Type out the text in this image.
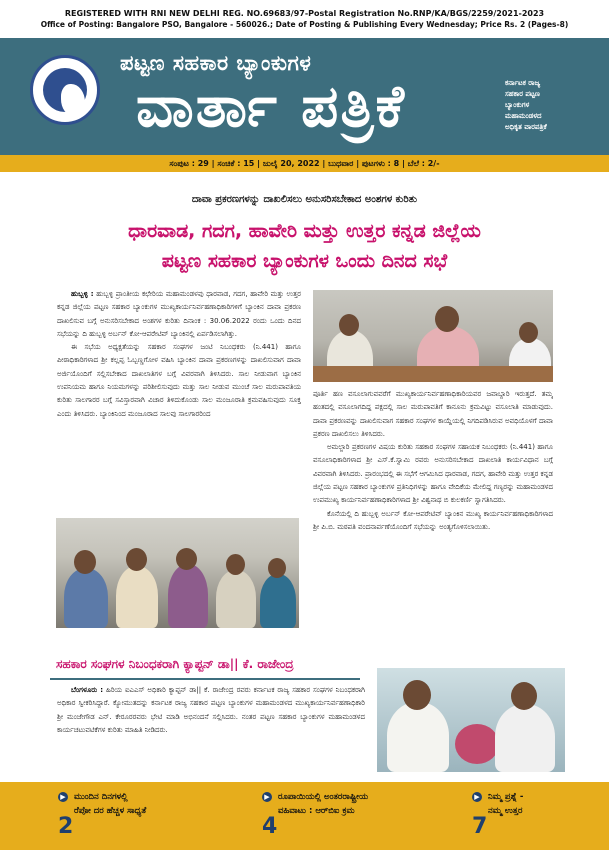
REGISTERED WITH RNI NEW DELHI REG. NO.69683/97-Postal Registration No.RNP/KA/BGS/2259/2021-2023
Office of Posting: Bangalore PSO, Bangalore - 560026.; Date of Posting & Publishing Every Wednesday; Price Rs. 2 (Pages-8)
ಪಟ್ಟಣ ಸಹಕಾರ ಬ್ಯಾಂಕುಗಳ
ವಾರ್ತಾ ಪತ್ರಿಕೆ	ಕರ್ನಾಟಕ ರಾಜ್ಯ
ಸಹಕಾರ ಪಟ್ಟಣ
ಬ್ಯಾಂಕುಗಳ
ಮಹಾಮಂಡಳದ
ಅಧಿಕೃತ ವಾರಪತ್ರಿಕೆ
ಸಂಪುಟ : 29 | ಸಂಚಿಕೆ : 15 | ಜುಲೈ 20, 2022 | ಬುಧವಾರ | ಪುಟಗಳು : 8 | ಬೆಲೆ : 2/-
ದಾವಾ ಪ್ರಕರಣಗಳನ್ನು ದಾಖಲಿಸಲು ಅನುಸರಿಸಬೇಕಾದ ಅಂಶಗಳ ಕುರಿತು
ಧಾರವಾಡ, ಗದಗ, ಹಾವೇರಿ ಮತ್ತು ಉತ್ತರ ಕನ್ನಡ ಜಿಲ್ಲೆಯ
ಪಟ್ಟಣ ಸಹಕಾರ ಬ್ಯಾಂಕುಗಳ ಒಂದು ದಿನದ ಸಭೆ

ಹುಬ್ಬಳ್ಳಿ : ಹುಬ್ಬಳ್ಳಿ ಪ್ರಾಂತೀಯ ಕಛೇರಿಯ ಮಹಾಮಂಡಳವು ಧಾರವಾಡ, ಗದಗ, ಹಾವೇರಿ ಮತ್ತು ಉತ್ತರ ಕನ್ನಡ ಜಿಲ್ಲೆಯ ಪಟ್ಟಣ ಸಹಕಾರ ಬ್ಯಾಂಕುಗಳ ಮುಖ್ಯಕಾರ್ಯನಿರ್ವಹಣಾಧಿಕಾರಿಗಳಿಗೆ ಬ್ಯಾಂಕಿನ ದಾವಾ ಪ್ರಕರಣ ದಾಖಲಿಸುವ ಬಗ್ಗೆ ಅನುಸರಿಸಬೇಕಾದ ಅಂಶಗಳ ಕುರಿತು ದಿನಾಂಕ : 30.06.2022 ರಂದು ಒಂದು ದಿನದ ಸಭೆಯನ್ನು ದಿ ಹುಬ್ಬಳ್ಳಿ ಅರ್ಬನ್ ಕೋ-ಆಪರೇಟಿವ್ ಬ್ಯಾಂಕಿನಲ್ಲಿ ಏರ್ಪಡಿಸಲಾಗಿತ್ತು.

ಈ ಸಭೆಯ ಅಧ್ಯಕ್ಷತೆಯನ್ನು ಸಹಕಾರ ಸಂಘಗಳ ಜಂಟಿ ನಿಬಂಧಕರು (ನಿ.441) ಹಾಗೂ ಪೀಠಾಧಿಕಾರಿಗಳಾದ ಶ್ರೀ ಕಲ್ಲಪ್ಪ ಓಬ್ಬಣ್ಣಗೋಳ ವಹಿಸಿ ಬ್ಯಾಂಕಿನ ದಾವಾ ಪ್ರಕರಣಗಳನ್ನು ದಾಖಲಿಸುವಾಗ ದಾವಾ ಅರ್ಜಿಯೊಂದಿಗೆ ಸಲ್ಲಿಸಬೇಕಾದ ದಾಖಲಾತಿಗಳ ಬಗ್ಗೆ ವಿವರವಾಗಿ ತಿಳಿಸಿದರು. ಸಾಲ ನೀಡುವಾಗ ಬ್ಯಾಂಕಿನ ಉಪನಿಯಮ ಹಾಗೂ ನಿಯಮಗಳನ್ನು ಪರಿಶೀಲಿಸುವುದು ಮತ್ತು ಸಾಲ ನೀಡುವ ಮುಂಚೆ ಸಾಲ ಮರುಪಾವತಿಯ ಕುರಿತು ಸಾಲಗಾರರ ಬಗ್ಗೆ ಸವಿಸ್ತಾರವಾಗಿ ವಿಚಾರ ತಿಳಿದುಕೊಂಡು ಸಾಲ ಮಂಜೂರಾತಿ ಕ್ರಮವಹಿಸುವುದು ಸೂಕ್ತ ಎಂದು ತಿಳಿಸಿದರು. ಬ್ಯಾಂಕಿನಿಂದ ಮಂಜೂರಾದ ಸಾಲವು ಸಾಲಗಾರರಿಂದ

ಪೂರ್ತಿ ಹಣ ವಸೂಲಾಗುವವರೆಗೆ ಮುಖ್ಯಕಾರ್ಯನಿರ್ವಹಣಾಧಿಕಾರಿಯವರ ಜವಾಬ್ದಾರಿ ಇರುತ್ತದೆ. ತಮ್ಮ ಹಂತದಲ್ಲಿ ವಸೂಲಾಗದಿದ್ದ ಪಕ್ಷದಲ್ಲಿ ಸಾಲ ಮರುಪಾವತಿಗೆ ಕಾನೂನು ಕ್ರಮವಿಟ್ಟು ವಸೂಲಾತಿ ಮಾಡುವುದು. ದಾವಾ ಪ್ರಕರಣವನ್ನು ದಾಖಲಿಸುವಾಗ ಸಹಕಾರ ಸಂಘಗಳ ಕಾಯ್ದೆಯಲ್ಲಿ ನಿಗದಿಪಡಿಸಿರುವ ಅವಧಿಯೊಳಗೆ ದಾವಾ ಪ್ರಕರಣ ದಾಖಲಿಸಲು ತಿಳಿಸಿದರು.

ಅಮಲ್ಜಾರಿ ಪ್ರಕರಣಗಳ ವಿಷಯ ಕುರಿತು ಸಹಕಾರ ಸಂಘಗಳ ಸಹಾಯಕ ನಿಬಂಧಕರು (ನಿ.441) ಹಾಗೂ ವಸೂಲಾಧಿಕಾರಿಗಳಾದ ಶ್ರೀ ಎಸ್.ಕೆ.ಸ್ವಾಮಿ ರವರು ಅನುಸರಿಸಬೇಕಾದ ದಾಖಲಾತಿ ಕಾರ್ಯವಿಧಾನ ಬಗ್ಗೆ ವಿವರವಾಗಿ ತಿಳಿಸಿದರು. ಪ್ರಾರಂಭದಲ್ಲಿ ಈ ಸಭೆಗೆ ಆಗಮಿಸಿದ ಧಾರವಾಡ, ಗದಗ, ಹಾವೇರಿ ಮತ್ತು ಉತ್ತರ ಕನ್ನಡ ಜಿಲ್ಲೆಯ ಪಟ್ಟಣ ಸಹಕಾರ ಬ್ಯಾಂಕುಗಳ ಪ್ರತಿನಿಧಿಗಳನ್ನು ಹಾಗೂ ವೇದಿಕೆಯ ಮೇಲಿದ್ದ ಗಣ್ಯರನ್ನು ಮಹಾಮಂಡಳದ ಉಪಮುಖ್ಯ ಕಾರ್ಯನಿರ್ವಹಣಾಧಿಕಾರಿಗಳಾದ ಶ್ರೀ ವಿಶ್ವನಾಥ ಬಿ ಕುಲಕರ್ಣಿ ಸ್ವಾಗತಿಸಿದರು.

ಕೊನೆಯಲ್ಲಿ ದಿ ಹುಬ್ಬಳ್ಳಿ ಅರ್ಬನ್ ಕೋ-ಆಪರೇಟಿವ್ ಬ್ಯಾಂಕಿನ ಮುಖ್ಯ ಕಾರ್ಯನಿರ್ವಹಣಾಧಿಕಾರಿಗಳಾದ ಶ್ರೀ ಪಿ.ಬಿ. ಮಠಪತಿ ವಂದನಾರ್ಪಣೆಯೊಂದಿಗೆ ಸಭೆಯನ್ನು ಅಂತ್ಯಗೊಳಿಸಲಾಯಿತು.

ಸಹಕಾರ ಸಂಘಗಳ ನಿಬಂಧಕರಾಗಿ ಕ್ಯಾಪ್ಟನ್ ಡಾ|| ಕೆ. ರಾಜೇಂದ್ರ

ಬೆಂಗಳೂರು : ಹಿರಿಯ ಐಎಎಸ್ ಅಧಿಕಾರಿ ಕ್ಯಾಪ್ಟನ್ ಡಾ|| ಕೆ. ರಾಜೇಂದ್ರ ರವರು ಕರ್ನಾಟಕ ರಾಜ್ಯ ಸಹಕಾರ ಸಂಘಗಳ ನಿಬಂಧಕರಾಗಿ ಅಧಿಕಾರ ಸ್ವೀಕರಿಸಿದ್ದಾರೆ. ಕ್ಯೋಮುತದನ್ನು ಕರ್ನಾಟಕ ರಾಜ್ಯ ಸಹಕಾರ ಪಟ್ಟಣ ಬ್ಯಾಂಕುಗಳ ಮಹಾಮಂಡಳದ ಮುಖ್ಯಕಾರ್ಯನಿರ್ವಹಣಾಧಿಕಾರಿ ಶ್ರೀ ಮಂಜೇಗೌಡ ಎನ್. ಕೇರೂರರವರು ಭೇಟಿ ಮಾಡಿ ಅಭಿನಂದನೆ ಸಲ್ಲಿಸಿದರು. ನಂತರ ಪಟ್ಟಣ ಸಹಕಾರ ಬ್ಯಾಂಕುಗಳ ಮಹಾಮಂಡಳದ ಕಾರ್ಯಚಟುವಟಿಕೆಗಳ ಕುರಿತು ಮಾಹಿತಿ ನೀಡಿದರು.

▶ ಮುಂದಿನ ದಿನಗಳಲ್ಲಿ
ರೆಪೋ ದರ ಹೆಚ್ಚಳ ಸಾಧ್ಯತೆ
2
▶ ರೂಪಾಯಿಯಲ್ಲಿ ಅಂತರರಾಷ್ಟ್ರೀಯ
ವಹಿವಾಟು : ಆರ್‌ಬಿಐ ಕ್ರಮ
4
▶ ನಿಮ್ಮ ಪ್ರಶ್ನೆ -
ನಮ್ಮ ಉತ್ತರ
7
